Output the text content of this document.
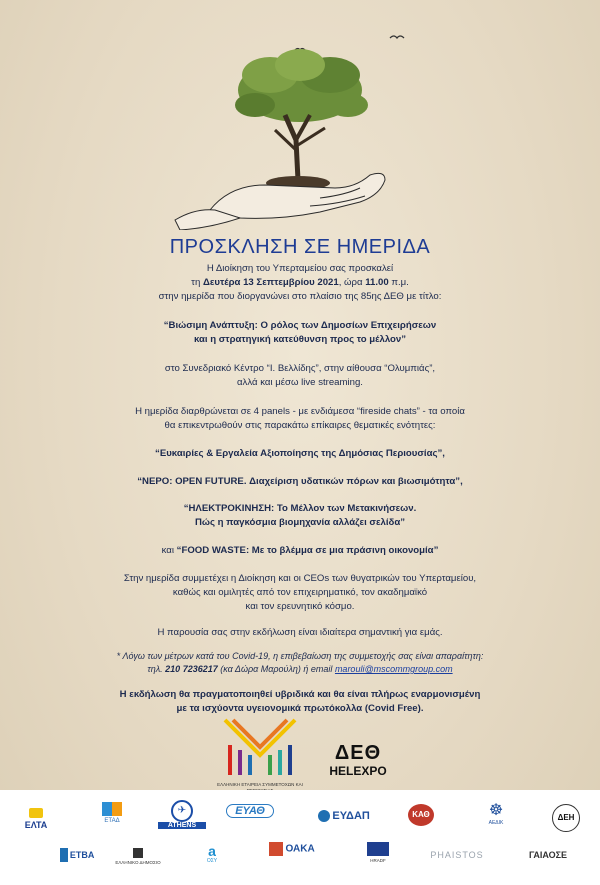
ΠΡΟΣΚΛΗΣΗ ΣΕ ΗΜΕΡΙΔΑ
Η Διοίκηση του Υπερταμείου σας προσκαλεί
τη Δευτέρα 13 Σεπτεμβρίου 2021, ώρα 11.00 π.μ.
στην ημερίδα που διοργανώνει στο πλαίσιο της 85ης ΔΕΘ με τίτλο:
“Βιώσιμη Ανάπτυξη: Ο ρόλος των Δημοσίων Επιχειρήσεων
και η στρατηγική κατεύθυνση προς το μέλλον”
στο Συνεδριακό Κέντρο “Ι. Βελλίδης”, στην αίθουσα “Ολυμπιάς”,
αλλά και μέσω live streaming.
Η ημερίδα διαρθρώνεται σε 4 panels - με ενδιάμεσα “fireside chats” - τα οποία
θα επικεντρωθούν στις παρακάτω επίκαιρες θεματικές ενότητες:
“Ευκαιρίες & Εργαλεία Αξιοποίησης της Δημόσιας Περιουσίας”,
“ΝΕΡΟ: OPEN FUTURE. Διαχείριση υδατικών πόρων και βιωσιμότητα”,
“ΗΛΕΚΤΡΟΚΙΝΗΣΗ: Το Μέλλον των Μετακινήσεων.
Πώς η παγκόσμια βιομηχανία αλλάζει σελίδα”
και “FOOD WASTE: Με το βλέμμα σε μια πράσινη οικονομία”
Στην ημερίδα συμμετέχει η Διοίκηση και οι CEOs των θυγατρικών του Υπερταμείου,
καθώς και ομιλητές από τον επιχειρηματικό, τον ακαδημαϊκό
και τον ερευνητικό κόσμο.
Η παρουσία σας στην εκδήλωση είναι ιδιαίτερα σημαντική για εμάς.
* Λόγω των μέτρων κατά του Covid-19, η επιβεβαίωση της συμμετοχής σας είναι απαραίτητη:
τηλ. 210 7236217 (κα Δώρα Μαρούλη) ή email marouli@mscommgroup.com
Η εκδήλωση θα πραγματοποιηθεί υβριδικά και θα είναι πλήρως εναρμονισμένη
με τα ισχύοντα υγειονομικά πρωτόκολλα (Covid Free).
ΕΛΛΗΝΙΚΗ ΕΤΑΙΡΕΙΑ ΣΥΜΜΕΤΟΧΩΝ ΚΑΙ
ΔΕΘ
HELEXPO
ΕΛΤΑ	ΕΤΑΔ
✈
ATHENS
ΕΥΑΘ	ΕΥΔΑΠ	ΚΑΘ	☸
ΑΕΔΙΚ
ΔΕΗ
ΕΤΒΑ
ΕΛΛΗΝΙΚΟ ΔΗΜΟΣΙΟ
a
ΟΣΥ
ΟΑΚΑ
HRADF
PHAISTOS	ΓΑΙΑΟΣΕ
